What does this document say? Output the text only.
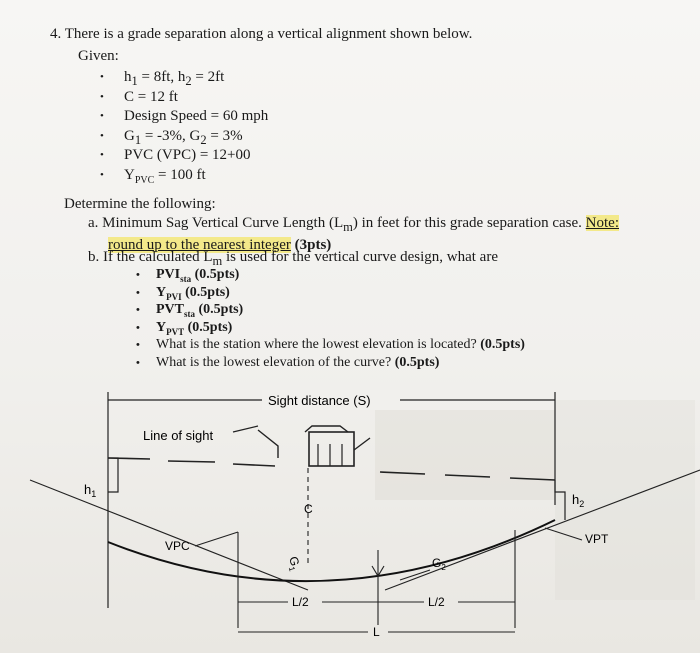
4. There is a grade separation along a vertical alignment shown below.
Given:
• $h_1 = 8ft$, $h_2 = 2ft$
• C = 12 ft
• Design Speed = 60 mph
• $G_1 = -3\%$, $G_2 = 3\%$
• PVC (VPC) = 12+00
• $Y_{PVC} = 100$ ft
Determine the following:
a. Minimum Sag Vertical Curve Length $(L_m)$ in feet for this grade separation case. Note:
round up to the nearest integer (3pts)
b. If the calculated $L_m$ is used for the vertical curve design, what are
• $PVI_{sta}$ (0.5pts)
• $Y_{PVI}$ (0.5pts)
• $PVT_{sta}$ (0.5pts)
• $Y_{PVT}$ (0.5pts)
• What is the station where the lowest elevation is located? (0.5pts)
• What is the lowest elevation of the curve? (0.5pts)
Sight distance (S)
Line of sight
$h_1$
C
$h_2$
VPC	VPT
$G_1$	$G_2$
L/2	L/2
L
